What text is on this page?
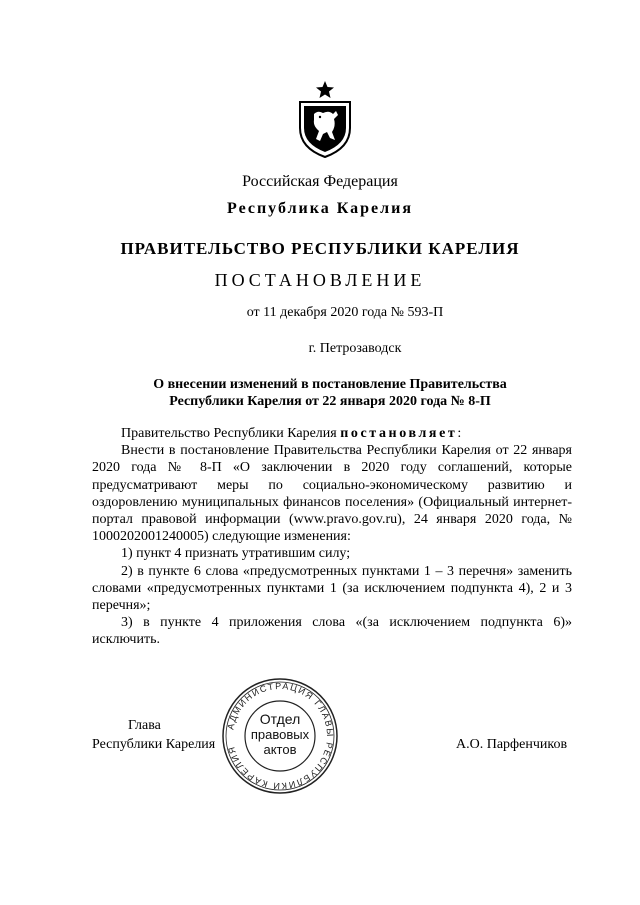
Российская Федерация
Республика Карелия
ПРАВИТЕЛЬСТВО РЕСПУБЛИКИ КАРЕЛИЯ
ПОСТАНОВЛЕНИЕ
от 11 декабря 2020 года № 593-П
г. Петрозаводск
О внесении изменений в постановление Правительства
Республики Карелия от 22 января 2020 года № 8-П

Правительство Республики Карелия постановляет:

Внести в постановление Правительства Республики Карелия от 22 января 2020 года № 8-П «О заключении в 2020 году соглашений, которые предусматривают меры по социально-экономическому развитию и оздоровлению муниципальных финансов поселения» (Официальный интернет-портал правовой информации (www.pravo.gov.ru), 24 января 2020 года, № 1000202001240005) следующие изменения:

1) пункт 4 признать утратившим силу;

2) в пункте 6 слова «предусмотренных пунктами 1 – 3 перечня» заменить словами «предусмотренных пунктами 1 (за исключением подпункта 4), 2 и 3 перечня»;

3) в пункте 4 приложения слова «(за исключением подпункта 6)» исключить.

АДМИНИСТРАЦИЯ ГЛАВЫ РЕСПУБЛИКИ КАРЕЛИЯ
Отдел
правовых
актов
Глава
Республики Карелия	А.О. Парфенчиков
